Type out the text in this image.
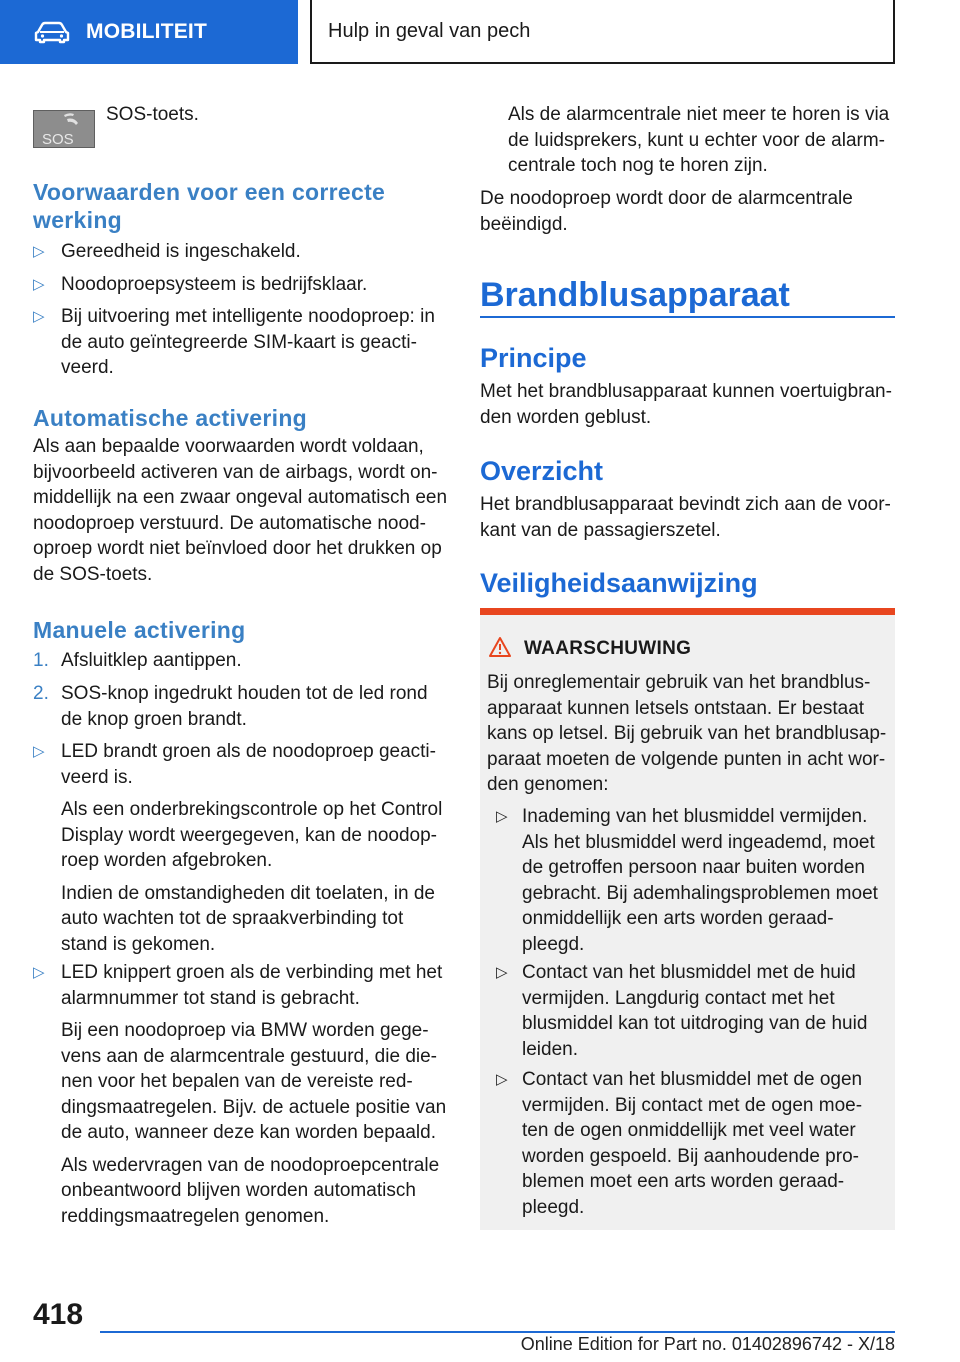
MOBILITEIT	Hulp in geval van pech
SOS
SOS-toets.
Voorwaarden voor een correcte
werking
▷ Gereedheid is ingeschakeld.
▷ Noodoproepsysteem is bedrijfsklaar.
▷ Bij uitvoering met intelligente noodoproep: in
de auto geïntegreerde SIM-kaart is geacti-
veerd.
Automatische activering
Als aan bepaalde voorwaarden wordt voldaan,
bijvoorbeeld activeren van de airbags, wordt on-
middellijk na een zwaar ongeval automatisch een
noodoproep verstuurd. De automatische nood-
oproep wordt niet beïnvloed door het drukken op
de SOS-toets.
Manuele activering
1. Afsluitklep aantippen.
2. SOS-knop ingedrukt houden tot de led rond
de knop groen brandt.
▷ LED brandt groen als de noodoproep geacti-
veerd is.
Als een onderbrekingscontrole op het Control
Display wordt weergegeven, kan de noodop-
roep worden afgebroken.
Indien de omstandigheden dit toelaten, in de
auto wachten tot de spraakverbinding tot
stand is gekomen.
▷ LED knippert groen als de verbinding met het
alarmnummer tot stand is gebracht.
Bij een noodoproep via BMW worden gege-
vens aan de alarmcentrale gestuurd, die die-
nen voor het bepalen van de vereiste red-
dingsmaatregelen. Bijv. de actuele positie van
de auto, wanneer deze kan worden bepaald.
Als wedervragen van de noodoproepcentrale
onbeantwoord blijven worden automatisch
reddingsmaatregelen genomen.
Als de alarmcentrale niet meer te horen is via
de luidsprekers, kunt u echter voor de alarm-
centrale toch nog te horen zijn.
De noodoproep wordt door de alarmcentrale
beëindigd.
Brandblusapparaat
Principe
Met het brandblusapparaat kunnen voertuigbran-
den worden geblust.
Overzicht
Het brandblusapparaat bevindt zich aan de voor-
kant van de passagierszetel.
Veiligheidsaanwijzing
WAARSCHUWING
Bij onreglementair gebruik van het brandblus-
apparaat kunnen letsels ontstaan. Er bestaat
kans op letsel. Bij gebruik van het brandblusap-
paraat moeten de volgende punten in acht wor-
den genomen:
▷ Inademing van het blusmiddel vermijden.
Als het blusmiddel werd ingeademd, moet
de getroffen persoon naar buiten worden
gebracht. Bij ademhalingsproblemen moet
onmiddellijk een arts worden geraad-
pleegd.
▷ Contact van het blusmiddel met de huid
vermijden. Langdurig contact met het
blusmiddel kan tot uitdroging van de huid
leiden.
▷ Contact van het blusmiddel met de ogen
vermijden. Bij contact met de ogen moe-
ten de ogen onmiddellijk met veel water
worden gespoeld. Bij aanhoudende pro-
blemen moet een arts worden geraad-
pleegd.
418
Online Edition for Part no. 01402896742 - X/18
